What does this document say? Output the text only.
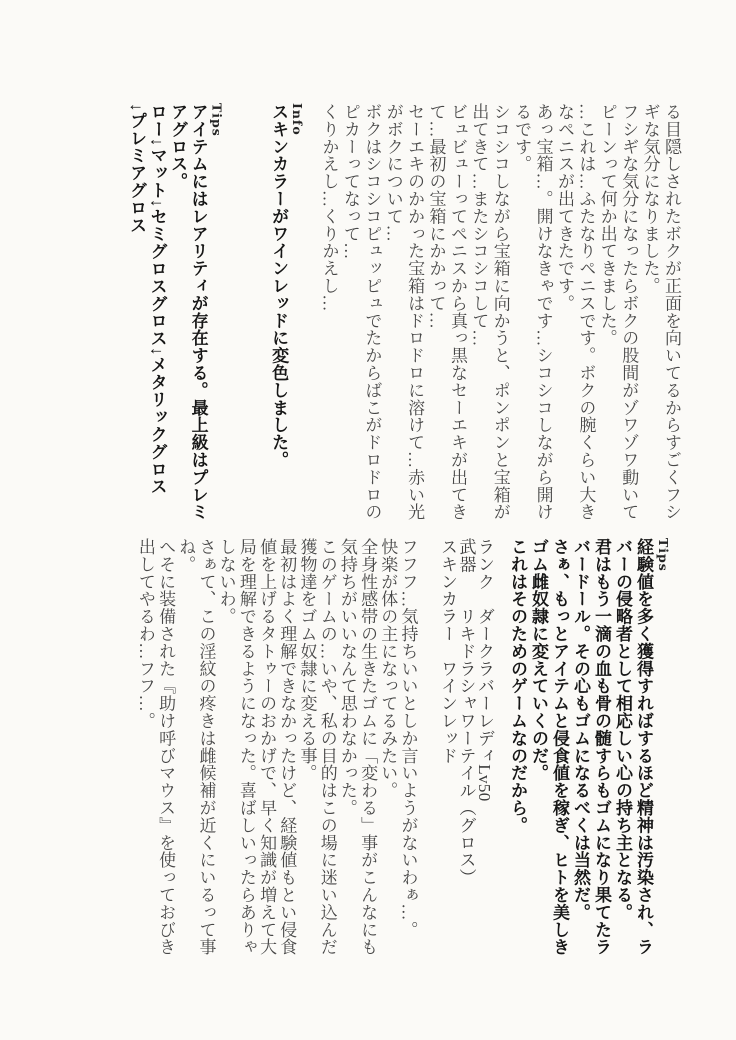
る目隠しされたボクが正面を向いてるからすごくフシ
ギな気分になりました。
フシギな気分になったらボクの股間がゾワゾワ動いて
ピーンって何か出てきました。
…これは…ふたなりペニスです。ボクの腕くらい大き
なペニスが出てきたです。
あっ宝箱…。開けなきゃです…シコシコしながら開け
るです。
シコシコしながら宝箱に向かうと、ポンポンと宝箱が
出てきて…またシコシコして…
ビュビューってペニスから真っ黒なセーエキが出てき
て…最初の宝箱にかかって…
セーエキのかかった宝箱はドロドロに溶けて…赤い光
がボクについて…
ボクはシコシコピュッピュでたからばこがドロドロの
ピカーってなって…
くりかえし…くりかえし…
Info
スキンカラーがワインレッドに変色しました。
Tips
アイテムにはレアリティが存在する。最上級はプレミ
アグロス。
ロー↓マット↓セミグロスグロス↓メタリックグロス
↓プレミアグロス
Tips
経験値を多く獲得すればするほど精神は汚染され、ラ
バーの侵略者として相応しい心の持ち主となる。
君はもう一滴の血も骨の髄すらもゴムになり果てたラ
バードール。その心もゴムになるべくは当然だ。
さぁ、もっとアイテムと侵食値を稼ぎ、ヒトを美しき
ゴム雌奴隷に変えていくのだ。
これはそのためのゲームなのだから。
ランク　ダークラバーレディLv50
武器　　リキドラシャワーテイル（グロス）
スキンカラー　ワインレッド
フフフ…気持ちいいとしか言いようがないわぁ…。
快楽が体の主になってるみたい。
全身性感帯の生きたゴムに「変わる」事がこんなにも
気持ちがいいなんて思わなかった。
このゲームの…いや、私の目的はこの場に迷い込んだ
獲物達をゴム奴隷に変える事。
最初はよく理解できなかったけど、経験値もとい侵食
値を上げるタトゥーのおかげで、早く知識が増えて大
局を理解できるようになった。喜ばしいったらありゃ
しないわ。
さぁて、この淫紋の疼きは雌候補が近くにいるって事
ね。
へそに装備された『助け呼びマウス』を使っておびき
出してやるわ…フフ…。
